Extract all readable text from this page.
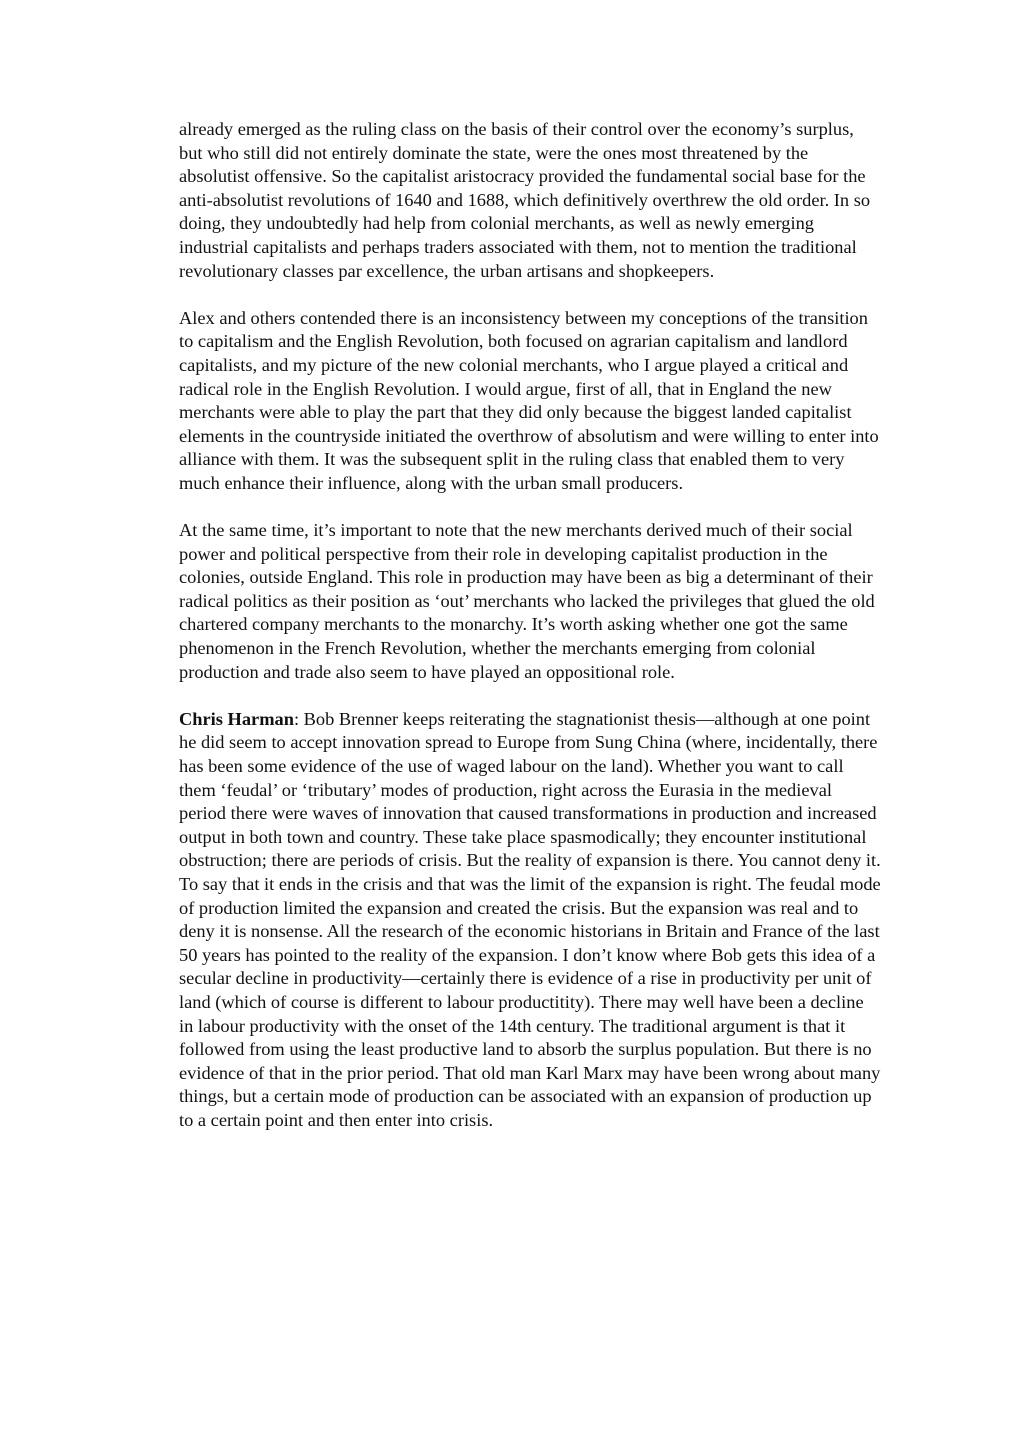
already emerged as the ruling class on the basis of their control over the economy’s surplus, but who still did not entirely dominate the state, were the ones most threatened by the absolutist offensive. So the capitalist aristocracy provided the fundamental social base for the anti-absolutist revolutions of 1640 and 1688, which definitively overthrew the old order. In so doing, they undoubtedly had help from colonial merchants, as well as newly emerging industrial capitalists and perhaps traders associated with them, not to mention the traditional revolutionary classes par excellence, the urban artisans and shopkeepers.

Alex and others contended there is an inconsistency between my conceptions of the transition to capitalism and the English Revolution, both focused on agrarian capitalism and landlord capitalists, and my picture of the new colonial merchants, who I argue played a critical and radical role in the English Revolution. I would argue, first of all, that in England the new merchants were able to play the part that they did only because the biggest landed capitalist elements in the countryside initiated the overthrow of absolutism and were willing to enter into alliance with them. It was the subsequent split in the ruling class that enabled them to very much enhance their influence, along with the urban small producers.

At the same time, it’s important to note that the new merchants derived much of their social power and political perspective from their role in developing capitalist production in the colonies, outside England. This role in production may have been as big a determinant of their radical politics as their position as ‘out’ merchants who lacked the privileges that glued the old chartered company merchants to the monarchy. It’s worth asking whether one got the same phenomenon in the French Revolution, whether the merchants emerging from colonial production and trade also seem to have played an oppositional role.

Chris Harman: Bob Brenner keeps reiterating the stagnationist thesis—although at one point he did seem to accept innovation spread to Europe from Sung China (where, incidentally, there has been some evidence of the use of waged labour on the land). Whether you want to call them ‘feudal’ or ‘tributary’ modes of production, right across the Eurasia in the medieval period there were waves of innovation that caused transformations in production and increased output in both town and country. These take place spasmodically; they encounter institutional obstruction; there are periods of crisis. But the reality of expansion is there. You cannot deny it. To say that it ends in the crisis and that was the limit of the expansion is right. The feudal mode of production limited the expansion and created the crisis. But the expansion was real and to deny it is nonsense. All the research of the economic historians in Britain and France of the last 50 years has pointed to the reality of the expansion. I don’t know where Bob gets this idea of a secular decline in productivity—certainly there is evidence of a rise in productivity per unit of land (which of course is different to labour productitity). There may well have been a decline in labour productivity with the onset of the 14th century. The traditional argument is that it followed from using the least productive land to absorb the surplus population. But there is no evidence of that in the prior period. That old man Karl Marx may have been wrong about many things, but a certain mode of production can be associated with an expansion of production up to a certain point and then enter into crisis.
